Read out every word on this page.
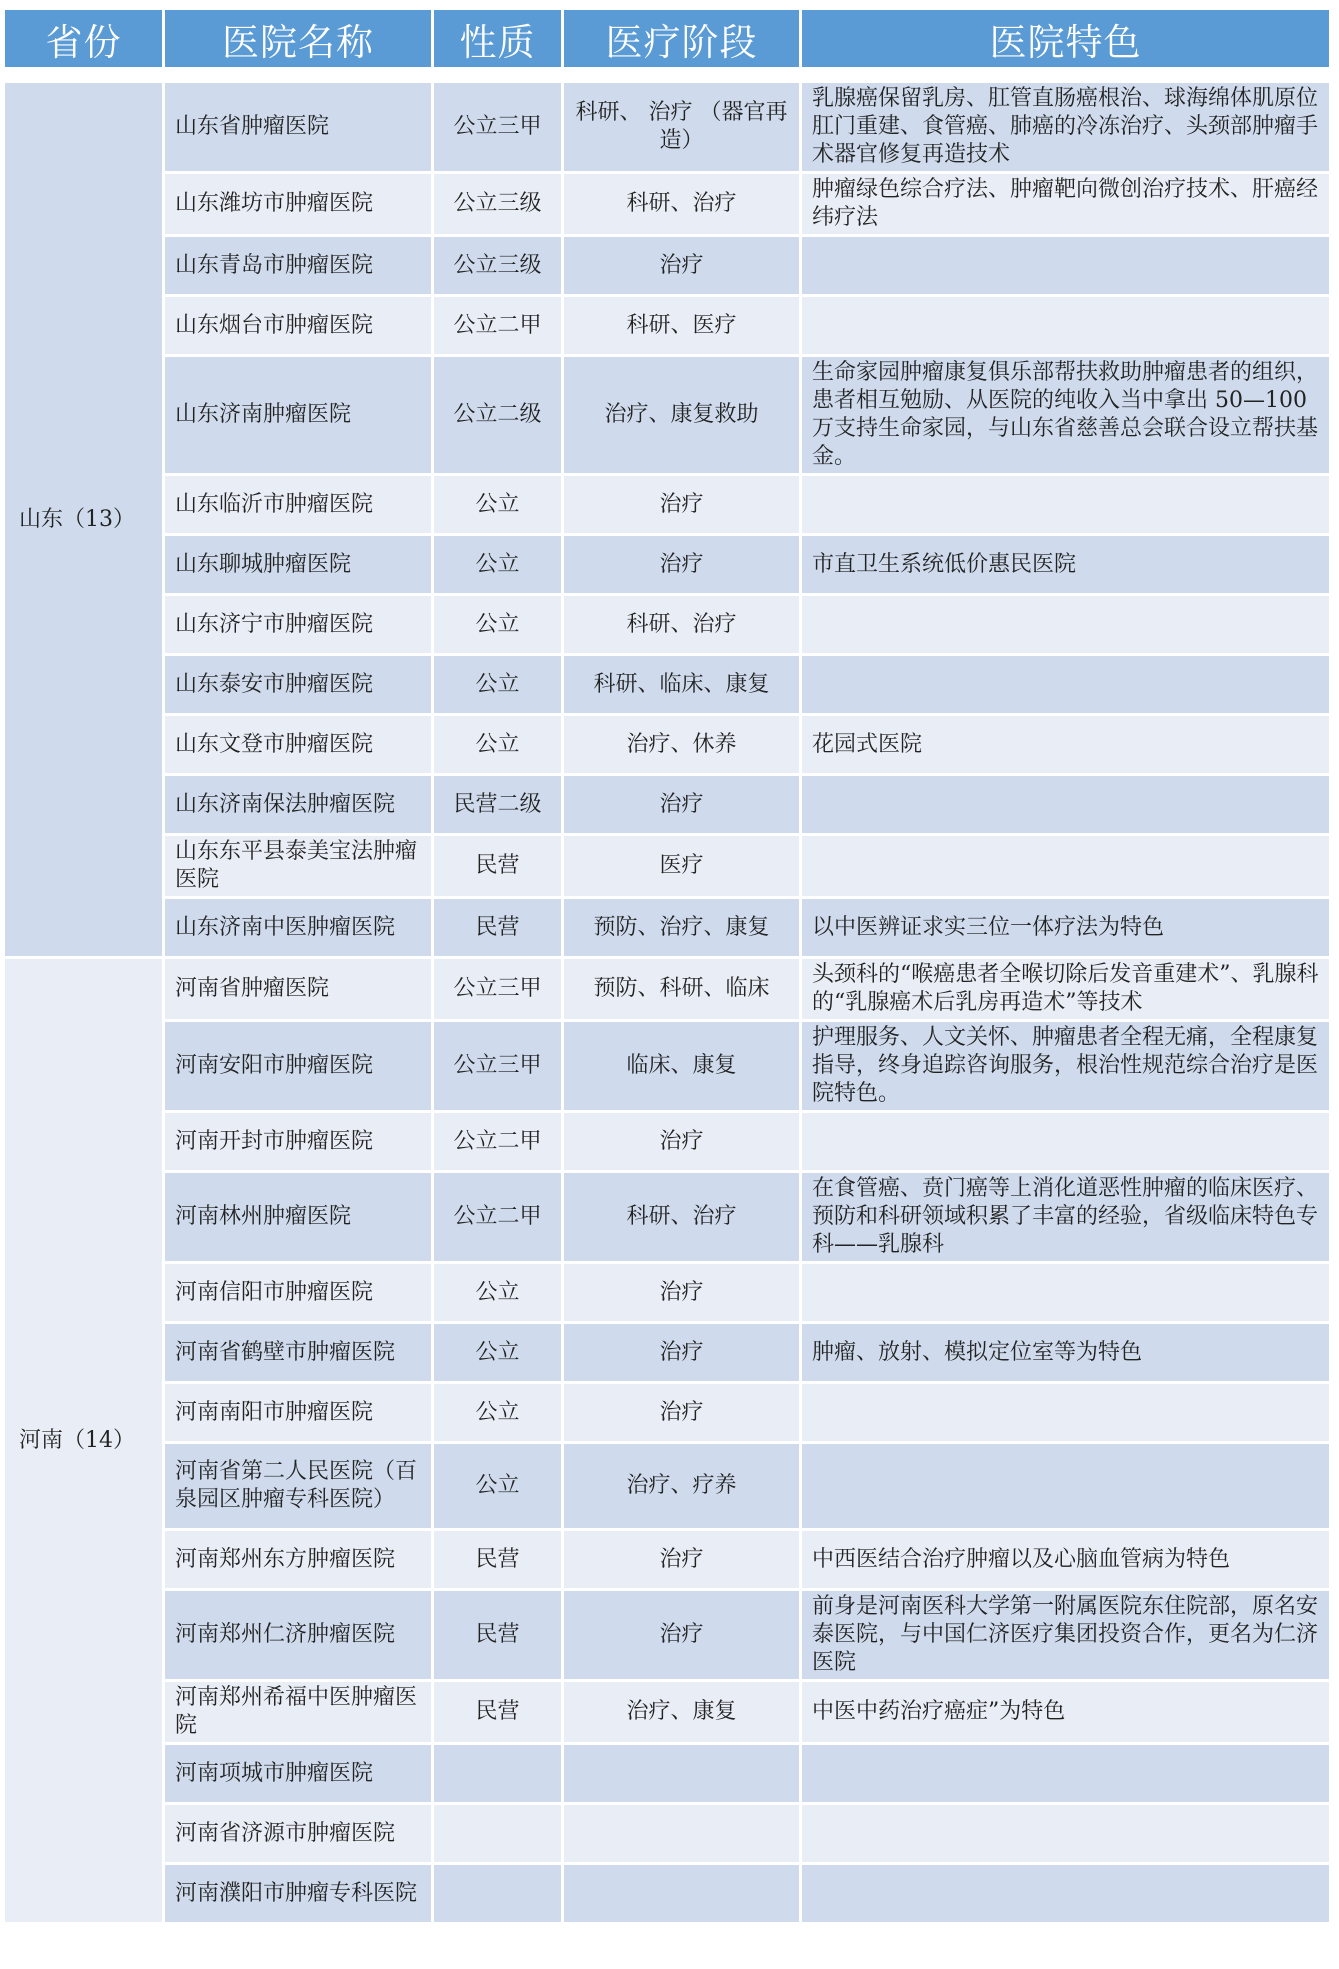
省份	医院名称	性质	医疗阶段	医院特色

山东（13）	山东省肿瘤医院	公立三甲	科研、 治疗 （器官再造）	乳腺癌保留乳房、肛管直肠癌根治、球海绵体肌原位肛门重建、食管癌、肺癌的冷冻治疗、头颈部肿瘤手术器官修复再造技术
	山东潍坊市肿瘤医院	公立三级	科研、治疗	肿瘤绿色综合疗法、肿瘤靶向微创治疗技术、肝癌经纬疗法
	山东青岛市肿瘤医院	公立三级	治疗	
	山东烟台市肿瘤医院	公立二甲	科研、医疗	
	山东济南肿瘤医院	公立二级	治疗、康复救助	生命家园肿瘤康复俱乐部帮扶救助肿瘤患者的组织，患者相互勉励、从医院的纯收入当中拿出 50—100 万支持生命家园，与山东省慈善总会联合设立帮扶基金。
	山东临沂市肿瘤医院	公立	治疗	
	山东聊城肿瘤医院	公立	治疗	市直卫生系统低价惠民医院
	山东济宁市肿瘤医院	公立	科研、治疗	
	山东泰安市肿瘤医院	公立	科研、临床、康复	
	山东文登市肿瘤医院	公立	治疗、休养	花园式医院
	山东济南保法肿瘤医院	民营二级	治疗	
	山东东平县泰美宝法肿瘤医院	民营	医疗	
	山东济南中医肿瘤医院	民营	预防、治疗、康复	以中医辨证求实三位一体疗法为特色
河南（14）	河南省肿瘤医院	公立三甲	预防、科研、临床	头颈科的“喉癌患者全喉切除后发音重建术”、乳腺科的“乳腺癌术后乳房再造术”等技术
	河南安阳市肿瘤医院	公立三甲	临床、康复	护理服务、人文关怀、肿瘤患者全程无痛，全程康复指导，终身追踪咨询服务，根治性规范综合治疗是医院特色。
	河南开封市肿瘤医院	公立二甲	治疗	
	河南林州肿瘤医院	公立二甲	科研、治疗	在食管癌、贲门癌等上消化道恶性肿瘤的临床医疗、预防和科研领域积累了丰富的经验，省级临床特色专科——乳腺科
	河南信阳市肿瘤医院	公立	治疗	
	河南省鹤壁市肿瘤医院	公立	治疗	肿瘤、放射、模拟定位室等为特色
	河南南阳市肿瘤医院	公立	治疗	
	河南省第二人民医院（百泉园区肿瘤专科医院）	公立	治疗、疗养	
	河南郑州东方肿瘤医院	民营	治疗	中西医结合治疗肿瘤以及心脑血管病为特色
	河南郑州仁济肿瘤医院	民营	治疗	前身是河南医科大学第一附属医院东住院部，原名安泰医院，与中国仁济医疗集团投资合作，更名为仁济医院
	河南郑州希福中医肿瘤医院	民营	治疗、康复	中医中药治疗癌症”为特色
	河南项城市肿瘤医院			
	河南省济源市肿瘤医院			
	河南濮阳市肿瘤专科医院			
